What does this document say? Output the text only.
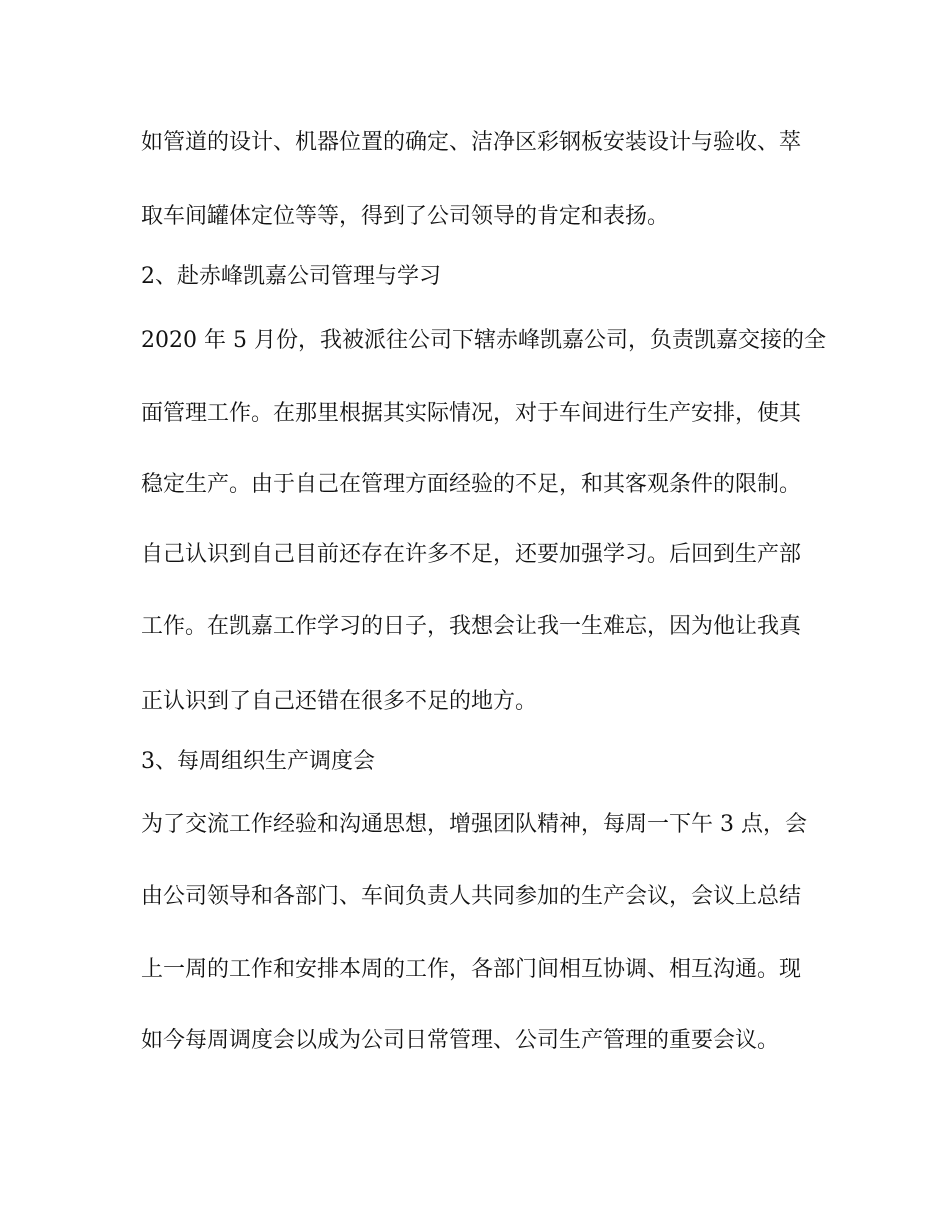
如管道的设计、机器位置的确定、洁净区彩钢板安装设计与验收、萃
取车间罐体定位等等，得到了公司领导的肯定和表扬。
2、赴赤峰凯嘉公司管理与学习
2020 年 5 月份，我被派往公司下辖赤峰凯嘉公司，负责凯嘉交接的全
面管理工作。在那里根据其实际情况，对于车间进行生产安排，使其
稳定生产。由于自己在管理方面经验的不足，和其客观条件的限制。
自己认识到自己目前还存在许多不足，还要加强学习。后回到生产部
工作。在凯嘉工作学习的日子，我想会让我一生难忘，因为他让我真
正认识到了自己还错在很多不足的地方。
3、每周组织生产调度会
为了交流工作经验和沟通思想，增强团队精神，每周一下午 3 点，会
由公司领导和各部门、车间负责人共同参加的生产会议，会议上总结
上一周的工作和安排本周的工作，各部门间相互协调、相互沟通。现
如今每周调度会以成为公司日常管理、公司生产管理的重要会议。
